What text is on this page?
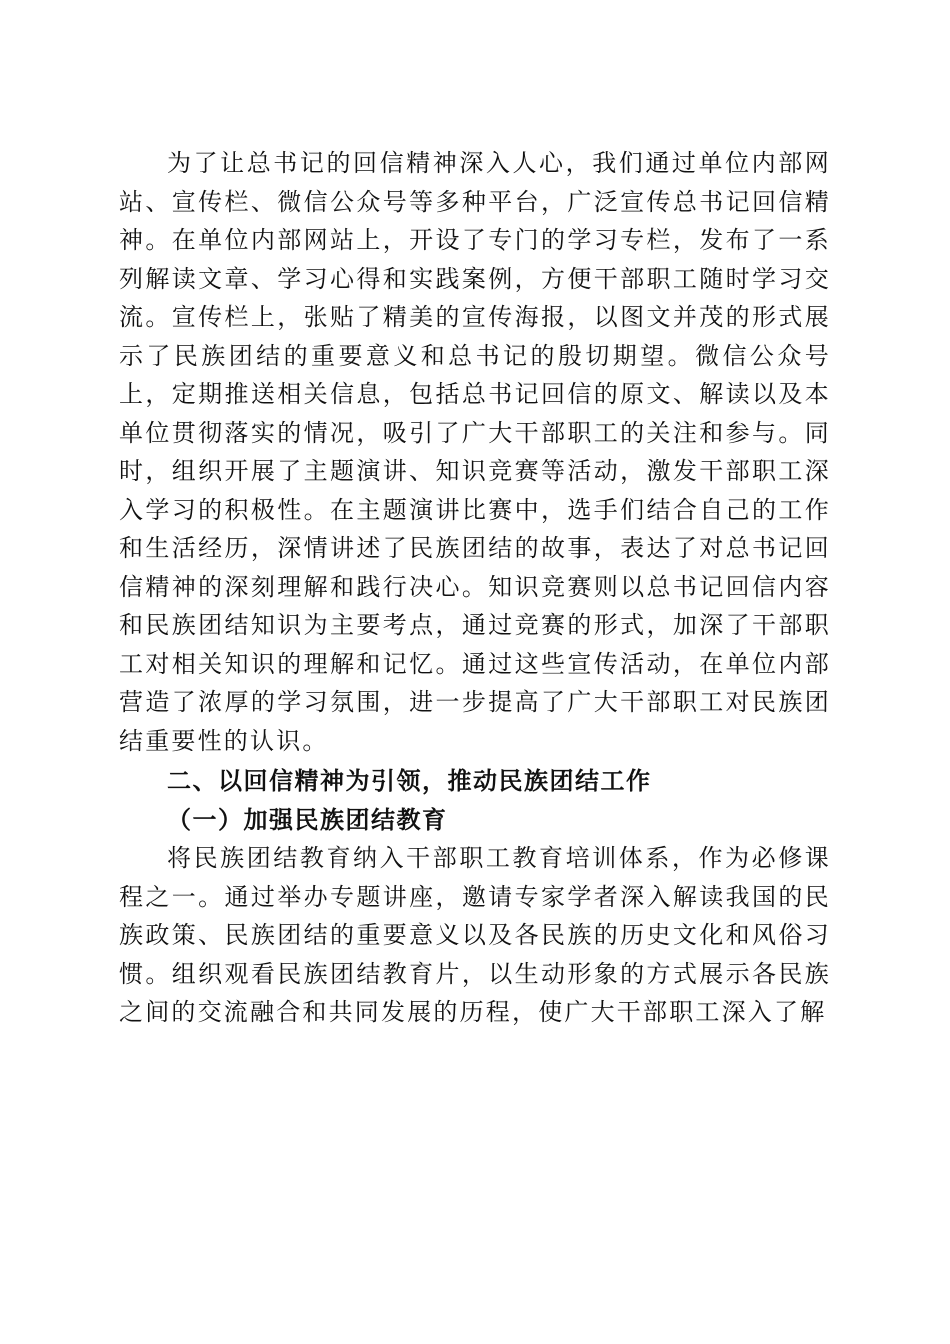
为了让总书记的回信精神深入人心，我们通过单位内部网站、宣传栏、微信公众号等多种平台，广泛宣传总书记回信精神。在单位内部网站上，开设了专门的学习专栏，发布了一系列解读文章、学习心得和实践案例，方便干部职工随时学习交流。宣传栏上，张贴了精美的宣传海报，以图文并茂的形式展示了民族团结的重要意义和总书记的殷切期望。微信公众号上，定期推送相关信息，包括总书记回信的原文、解读以及本单位贯彻落实的情况，吸引了广大干部职工的关注和参与。同时，组织开展了主题演讲、知识竞赛等活动，激发干部职工深入学习的积极性。在主题演讲比赛中，选手们结合自己的工作和生活经历，深情讲述了民族团结的故事，表达了对总书记回信精神的深刻理解和践行决心。知识竞赛则以总书记回信内容和民族团结知识为主要考点，通过竞赛的形式，加深了干部职工对相关知识的理解和记忆。通过这些宣传活动，在单位内部营造了浓厚的学习氛围，进一步提高了广大干部职工对民族团结重要性的认识。

二、以回信精神为引领，推动民族团结工作

（一）加强民族团结教育

将民族团结教育纳入干部职工教育培训体系，作为必修课程之一。通过举办专题讲座，邀请专家学者深入解读我国的民族政策、民族团结的重要意义以及各民族的历史文化和风俗习惯。组织观看民族团结教育片，以生动形象的方式展示各民族之间的交流融合和共同发展的历程，使广大干部职工深入了解
